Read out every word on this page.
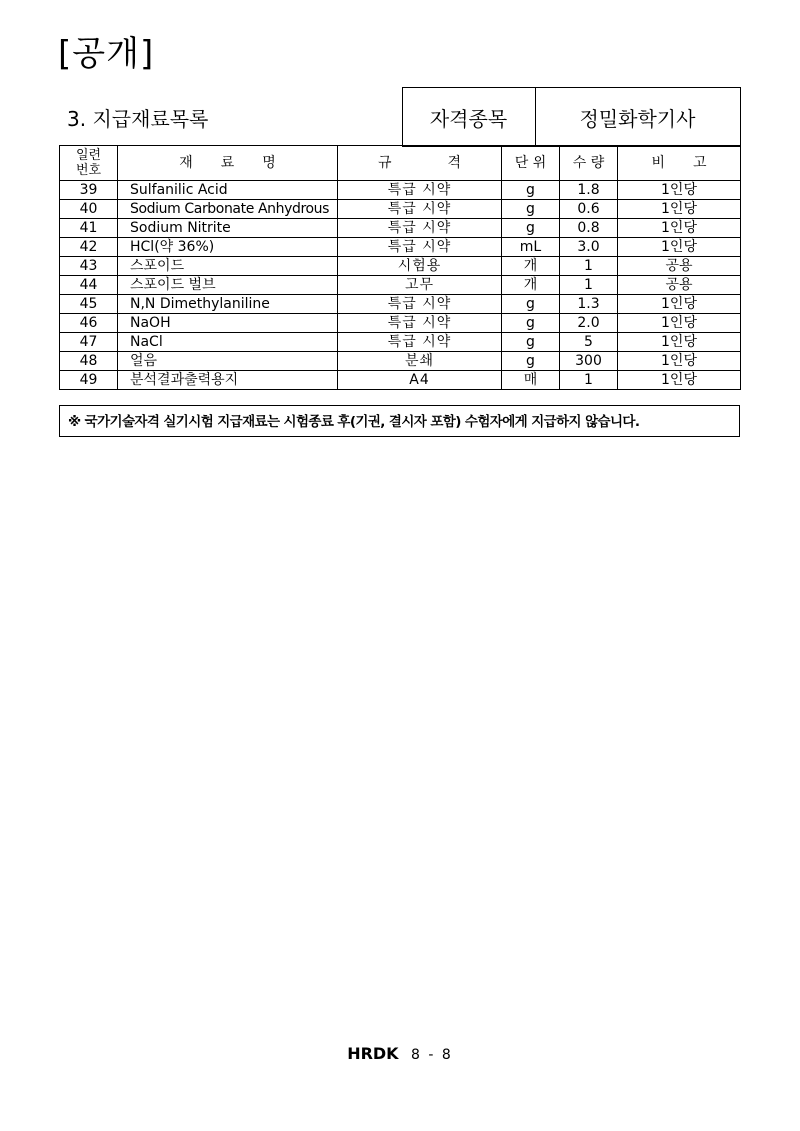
[공개]
3. 지급재료목록	자격종목	정밀화학기사
일련
번호	재　　료　　명	규　　　　격	단 위	수 량	비　　고
39	Sulfanilic Acid	특급 시약	g	1.8	1인당
40	Sodium Carbonate Anhydrous	특급 시약	g	0.6	1인당
41	Sodium Nitrite	특급 시약	g	0.8	1인당
42	HCl(약 36%)	특급 시약	mL	3.0	1인당
43	스포이드	시험용	개	1	공용
44	스포이드 벌브	고무	개	1	공용
45	N,N Dimethylaniline	특급 시약	g	1.3	1인당
46	NaOH	특급 시약	g	2.0	1인당
47	NaCl	특급 시약	g	5	1인당
48	얼음	분쇄	g	300	1인당
49	분석결과출력용지	A4	매	1	1인당
※ 국가기술자격 실기시험 지급재료는 시험종료 후(기권, 결시자 포함) 수험자에게 지급하지 않습니다.
HRDK 8 - 8
